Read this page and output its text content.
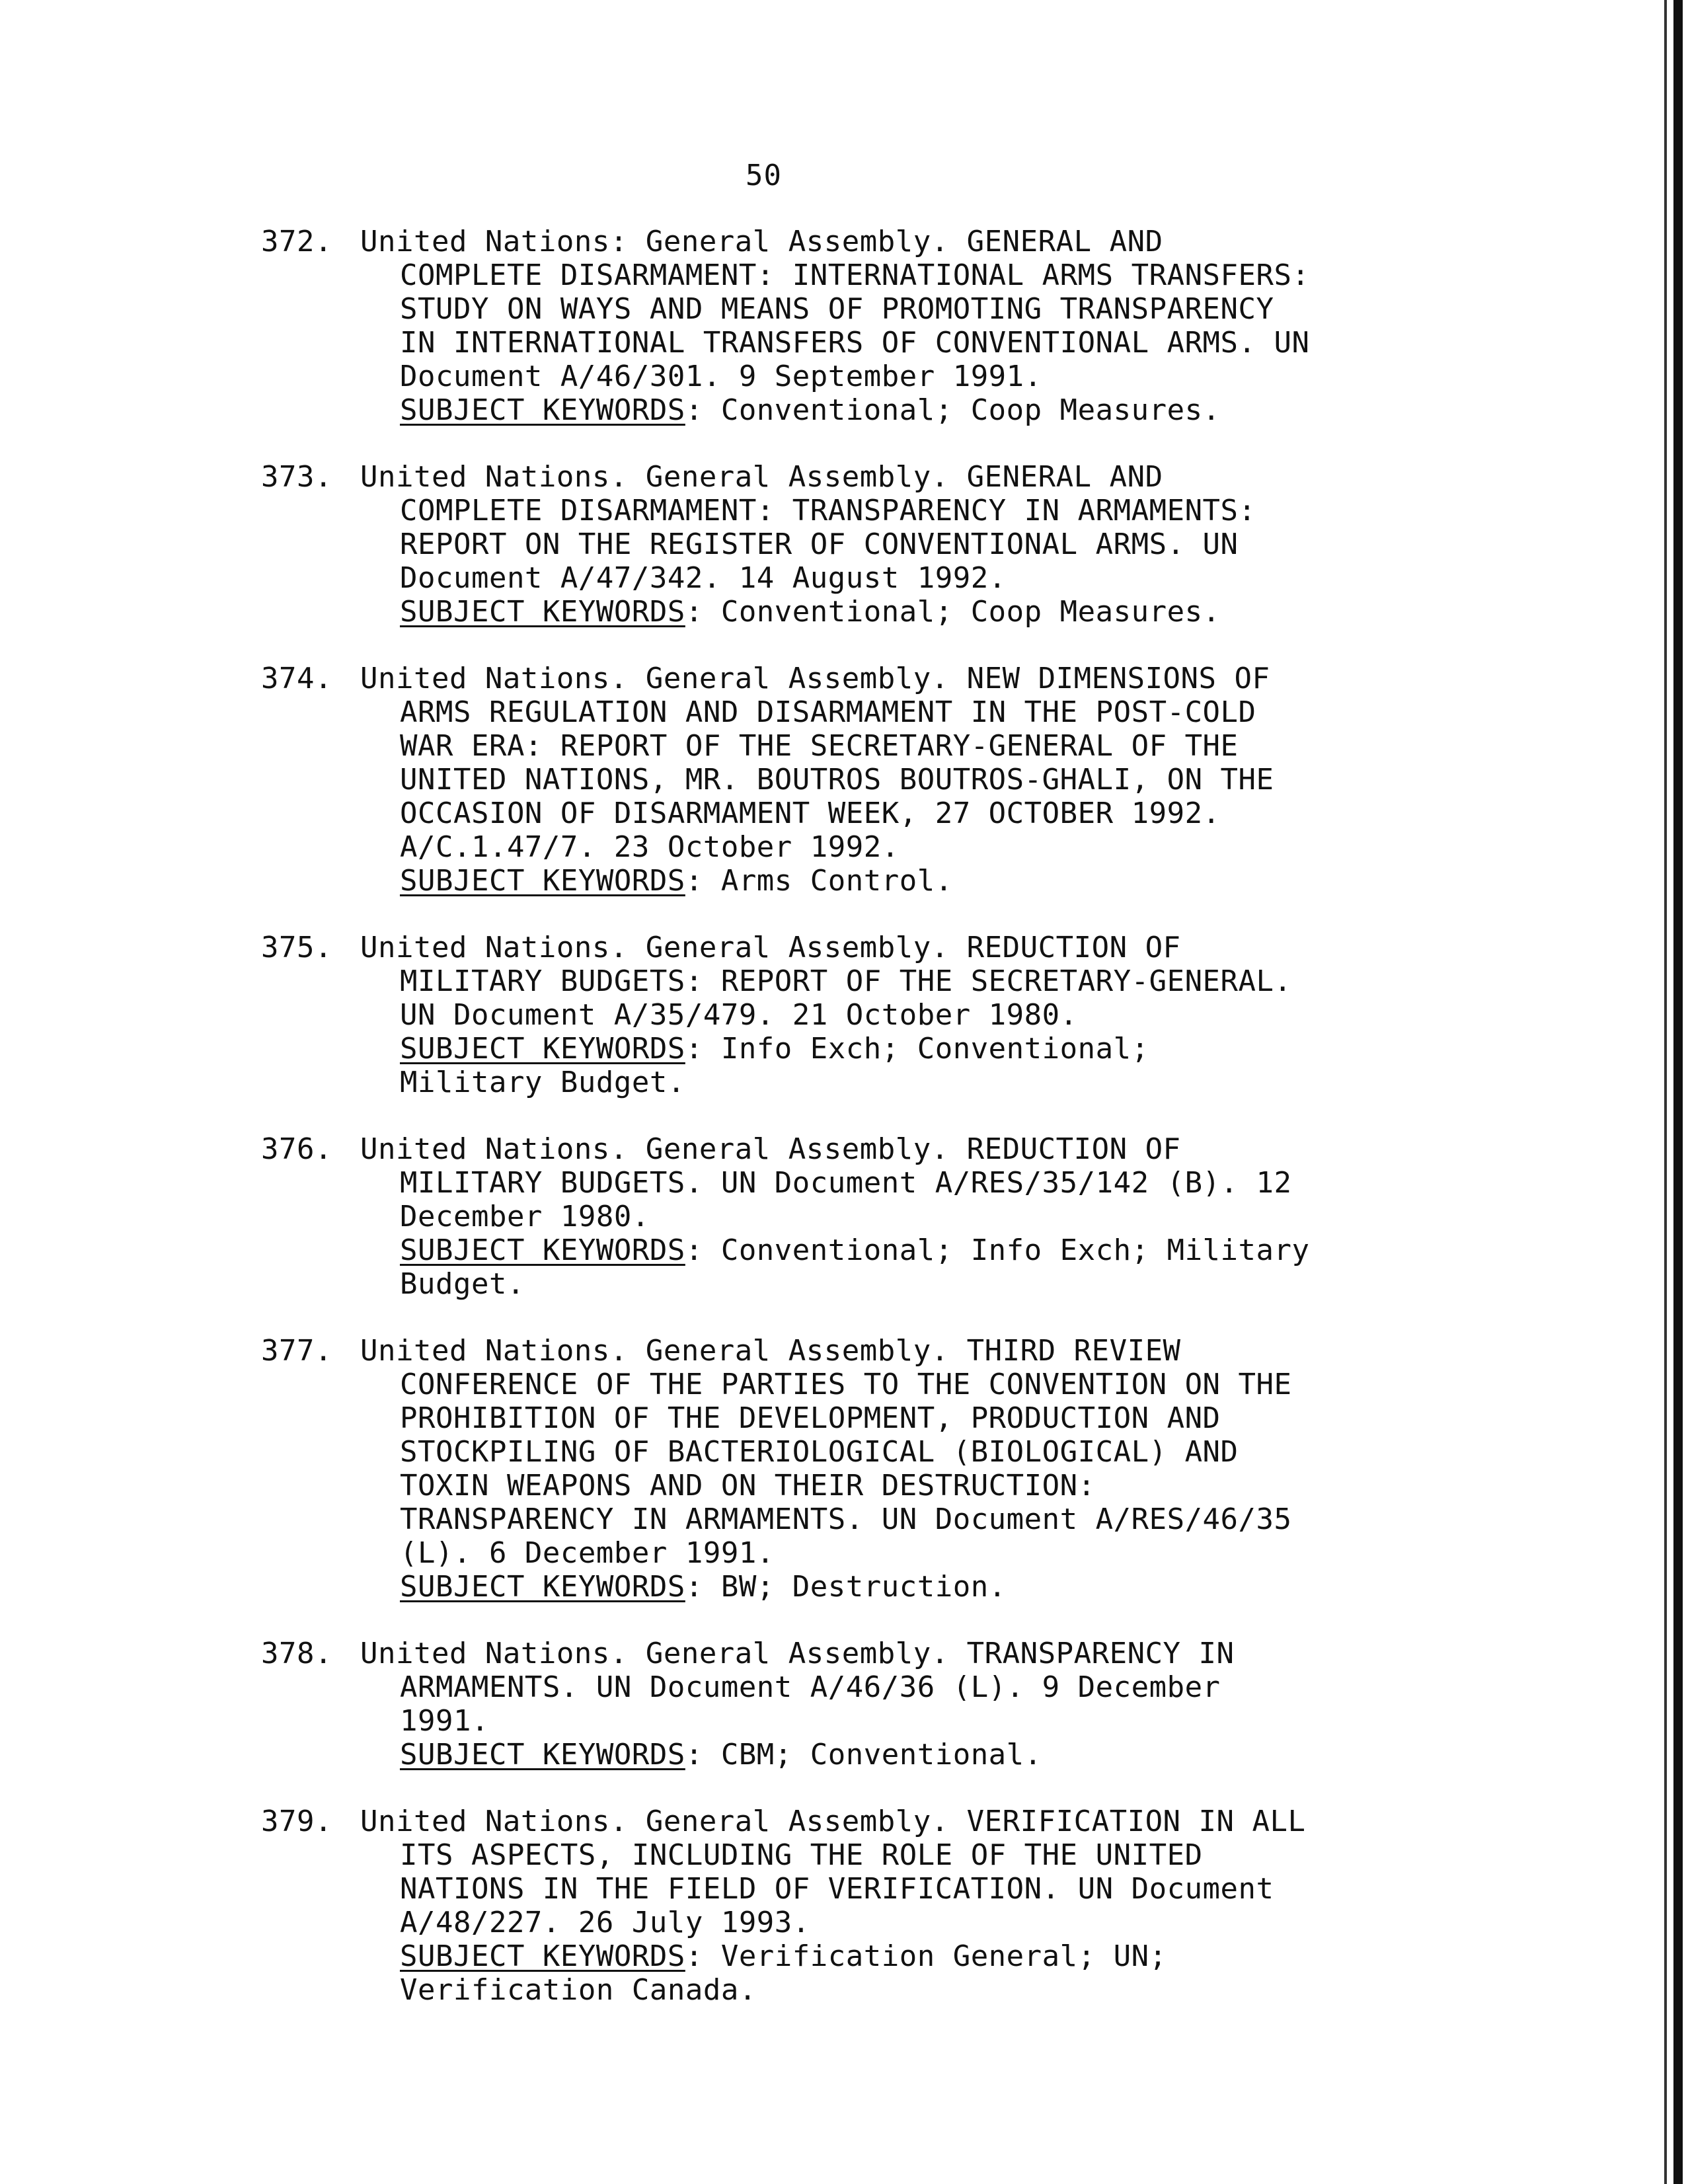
50
372. United Nations: General Assembly. GENERAL AND
COMPLETE DISARMAMENT: INTERNATIONAL ARMS TRANSFERS:
STUDY ON WAYS AND MEANS OF PROMOTING TRANSPARENCY
IN INTERNATIONAL TRANSFERS OF CONVENTIONAL ARMS. UN
Document A/46/301. 9 September 1991.
SUBJECT KEYWORDS: Conventional; Coop Measures.
373. United Nations. General Assembly. GENERAL AND
COMPLETE DISARMAMENT: TRANSPARENCY IN ARMAMENTS:
REPORT ON THE REGISTER OF CONVENTIONAL ARMS. UN
Document A/47/342. 14 August 1992.
SUBJECT KEYWORDS: Conventional; Coop Measures.
374. United Nations. General Assembly. NEW DIMENSIONS OF
ARMS REGULATION AND DISARMAMENT IN THE POST-COLD
WAR ERA: REPORT OF THE SECRETARY-GENERAL OF THE
UNITED NATIONS, MR. BOUTROS BOUTROS-GHALI, ON THE
OCCASION OF DISARMAMENT WEEK, 27 OCTOBER 1992.
A/C.1.47/7. 23 October 1992.
SUBJECT KEYWORDS: Arms Control.
375. United Nations. General Assembly. REDUCTION OF
MILITARY BUDGETS: REPORT OF THE SECRETARY-GENERAL.
UN Document A/35/479. 21 October 1980.
SUBJECT KEYWORDS: Info Exch; Conventional;
Military Budget.
376. United Nations. General Assembly. REDUCTION OF
MILITARY BUDGETS. UN Document A/RES/35/142 (B). 12
December 1980.
SUBJECT KEYWORDS: Conventional; Info Exch; Military
Budget.
377. United Nations. General Assembly. THIRD REVIEW
CONFERENCE OF THE PARTIES TO THE CONVENTION ON THE
PROHIBITION OF THE DEVELOPMENT, PRODUCTION AND
STOCKPILING OF BACTERIOLOGICAL (BIOLOGICAL) AND
TOXIN WEAPONS AND ON THEIR DESTRUCTION:
TRANSPARENCY IN ARMAMENTS. UN Document A/RES/46/35
(L). 6 December 1991.
SUBJECT KEYWORDS: BW; Destruction.
378. United Nations. General Assembly. TRANSPARENCY IN
ARMAMENTS. UN Document A/46/36 (L). 9 December
1991.
SUBJECT KEYWORDS: CBM; Conventional.
379. United Nations. General Assembly. VERIFICATION IN ALL
ITS ASPECTS, INCLUDING THE ROLE OF THE UNITED
NATIONS IN THE FIELD OF VERIFICATION. UN Document
A/48/227. 26 July 1993.
SUBJECT KEYWORDS: Verification General; UN;
Verification Canada.
